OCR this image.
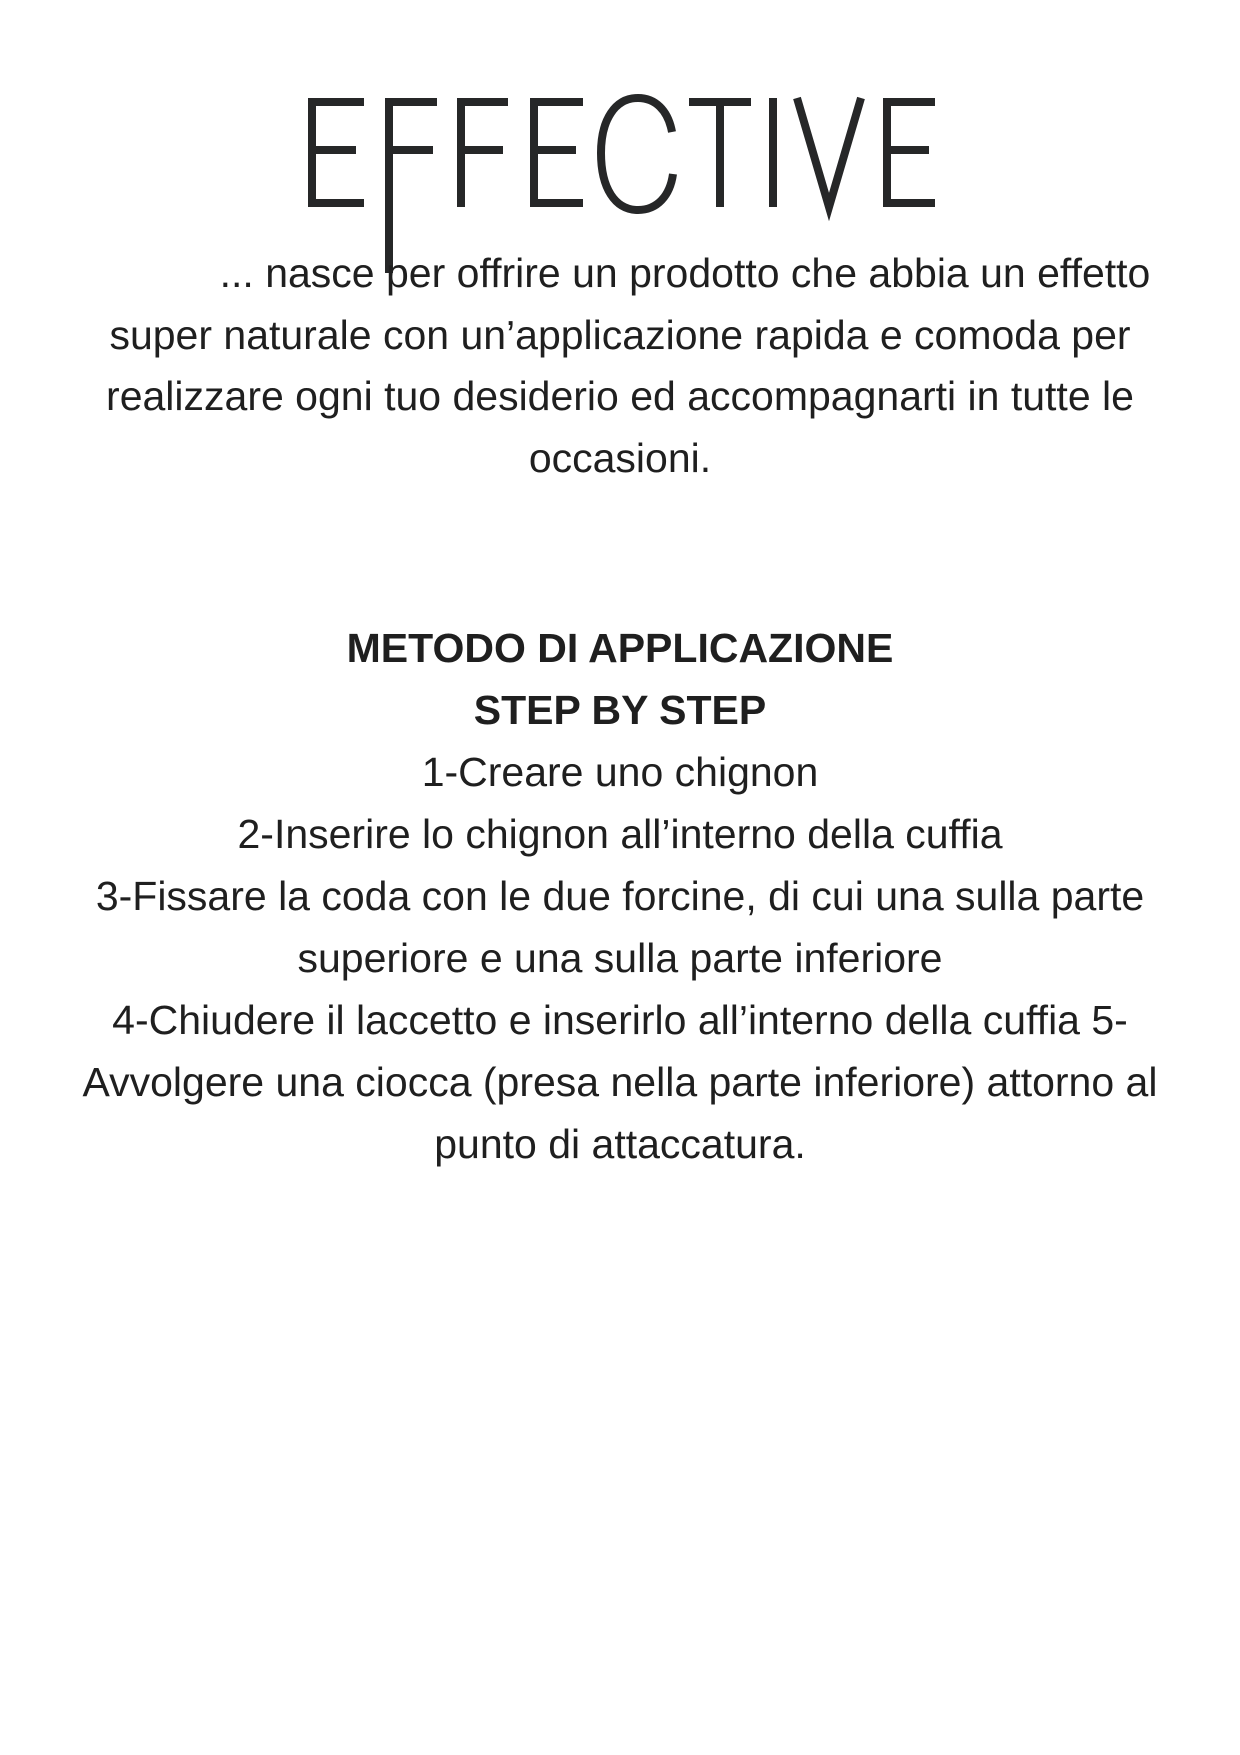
... nasce per offrire un prodotto che abbia un effetto
super naturale con un’applicazione rapida e comoda per
realizzare ogni tuo desiderio ed accompagnarti in tutte le
occasioni.
METODO DI APPLICAZIONE
STEP BY STEP
1-Creare uno chignon
2-Inserire lo chignon all’interno della cuffia
3-Fissare la coda con le due forcine, di cui una sulla parte
superiore e una sulla parte inferiore
4-Chiudere il laccetto e inserirlo all’interno della cuffia 5-
Avvolgere una ciocca (presa nella parte inferiore) attorno al
punto di attaccatura.
